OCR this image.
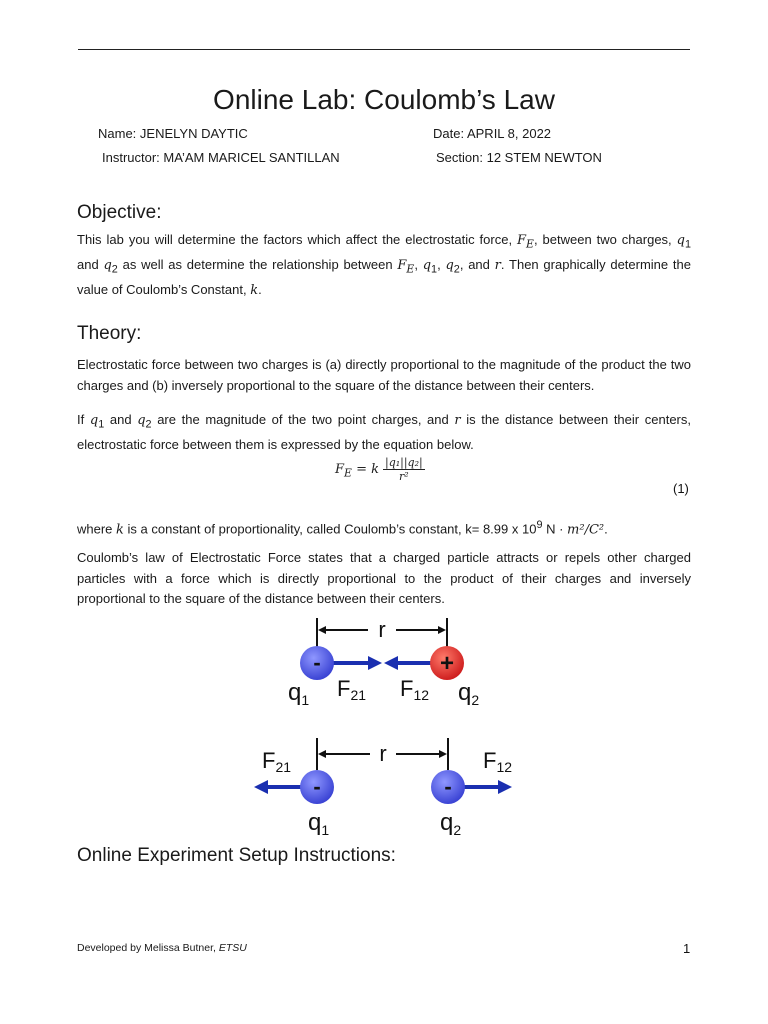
Online Lab: Coulomb’s Law
Name: JENELYN DAYTIC	Date: APRIL 8, 2022
Instructor: MA’AM MARICEL SANTILLAN	Section: 12 STEM NEWTON
Objective:
This lab you will determine the factors which affect the electrostatic force, $F_E$, between two charges, $q_1$ and $q_2$ as well as determine the relationship between $F_E$, $q_1$, $q_2$, and r. Then graphically determine the value of Coulomb’s Constant, k.
Theory:
Electrostatic force between two charges is (a) directly proportional to the magnitude of the product the two charges and (b) inversely proportional to the square of the distance between their centers.
If $q_1$ and $q_2$ are the magnitude of the two point charges, and r is the distance between their centers, electrostatic force between them is expressed by the equation below.
$F_E = k \frac{\text{|q₁||q₂|}}{\text{r²}}$
(1)
where k is a constant of proportionality, called Coulomb’s constant, k= 8.99 x $10^9$ N · m²/C².
Coulomb’s law of Electrostatic Force states that a charged particle attracts or repels other charged particles with a force which is directly proportional to the product of their charges and inversely proportional to the square of the distance between their centers.
r
-	+
$q_1$ F21 F12 $q_2$
r
-	-
F21	F12
$q_1$	$q_2$
Online Experiment Setup Instructions:
Developed by Melissa Butner, ETSU	1
